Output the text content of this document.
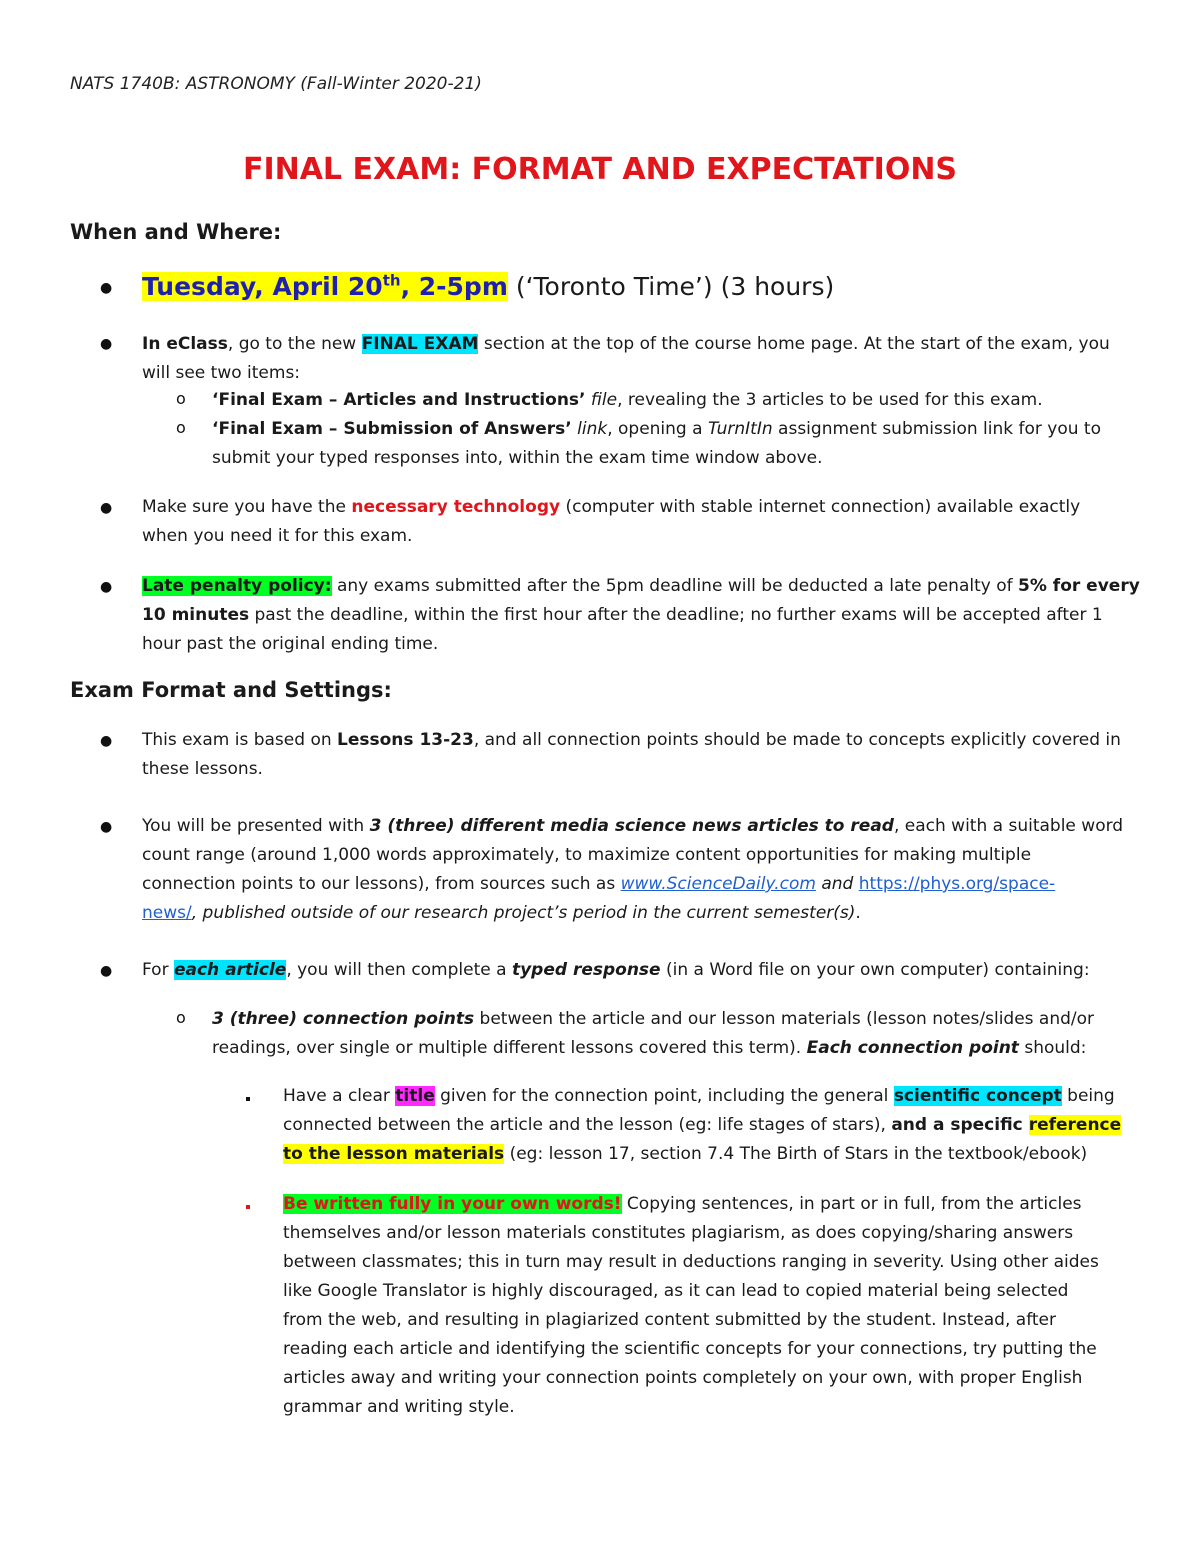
NATS 1740B: ASTRONOMY (Fall-Winter 2020-21)
FINAL EXAM: FORMAT AND EXPECTATIONS
When and Where:
● Tuesday, April 20th, 2-5pm (‘Toronto Time’) (3 hours)
● In eClass, go to the new FINAL EXAM section at the top of the course home page. At the start of the exam, you
will see two items:
o ‘Final Exam – Articles and Instructions’ file, revealing the 3 articles to be used for this exam.
o ‘Final Exam – Submission of Answers’ link, opening a TurnItIn assignment submission link for you to
submit your typed responses into, within the exam time window above.
● Make sure you have the necessary technology (computer with stable internet connection) available exactly
when you need it for this exam.
● Late penalty policy: any exams submitted after the 5pm deadline will be deducted a late penalty of 5% for every
10 minutes past the deadline, within the first hour after the deadline; no further exams will be accepted after 1
hour past the original ending time.
Exam Format and Settings:
● This exam is based on Lessons 13-23, and all connection points should be made to concepts explicitly covered in
these lessons.
● You will be presented with 3 (three) different media science news articles to read, each with a suitable word
count range (around 1,000 words approximately, to maximize content opportunities for making multiple
connection points to our lessons), from sources such as www.ScienceDaily.com and https://phys.org/space-
news/, published outside of our research project’s period in the current semester(s).
● For each article, you will then complete a typed response (in a Word file on your own computer) containing:
o 3 (three) connection points between the article and our lesson materials (lesson notes/slides and/or
readings, over single or multiple different lessons covered this term). Each connection point should:
Have a clear title given for the connection point, including the general scientific concept being
connected between the article and the lesson (eg: life stages of stars), and a specific reference
to the lesson materials (eg: lesson 17, section 7.4 The Birth of Stars in the textbook/ebook)
Be written fully in your own words! Copying sentences, in part or in full, from the articles
themselves and/or lesson materials constitutes plagiarism, as does copying/sharing answers
between classmates; this in turn may result in deductions ranging in severity. Using other aides
like Google Translator is highly discouraged, as it can lead to copied material being selected
from the web, and resulting in plagiarized content submitted by the student. Instead, after
reading each article and identifying the scientific concepts for your connections, try putting the
articles away and writing your connection points completely on your own, with proper English
grammar and writing style.
